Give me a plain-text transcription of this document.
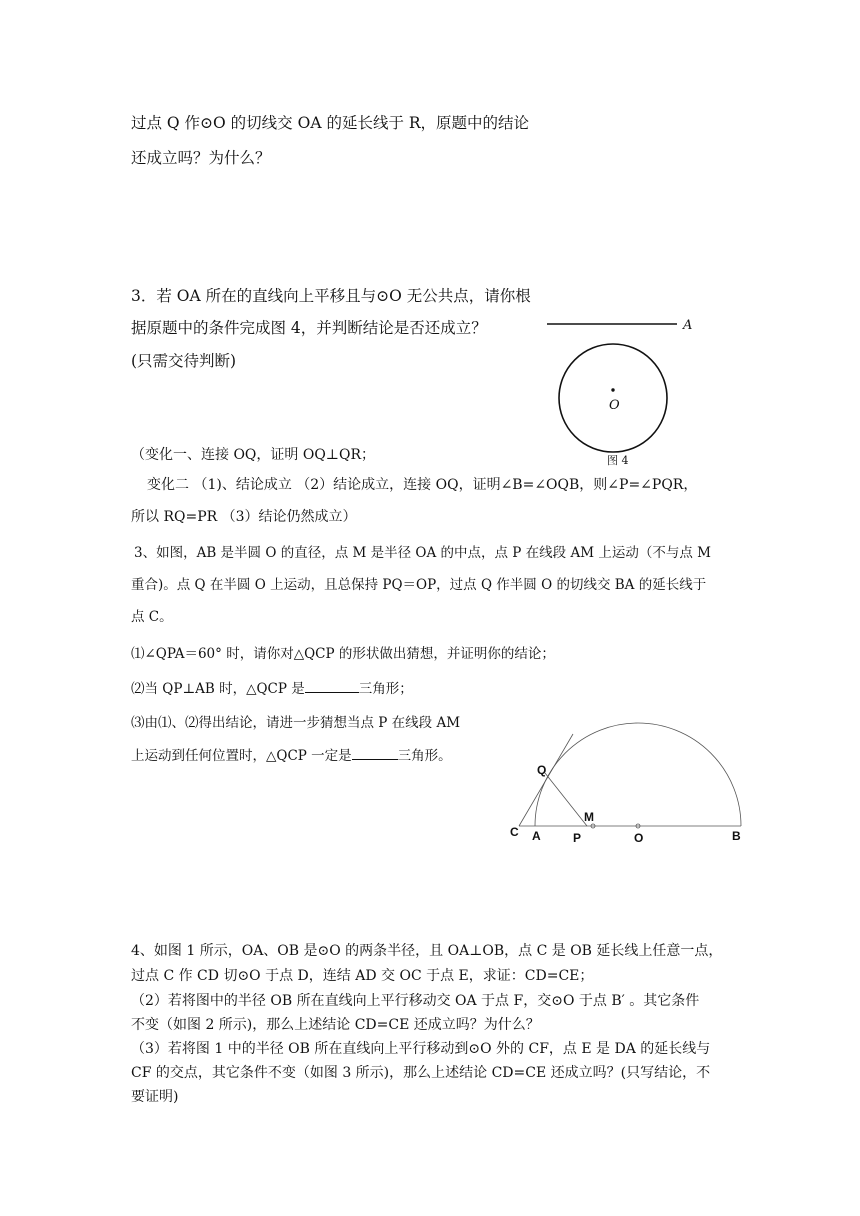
过点 Q 作⊙O 的切线交 OA 的延长线于 R，原题中的结论
还成立吗？为什么？
3．若 OA 所在的直线向上平移且与⊙O 无公共点，请你根
据原题中的条件完成图 4，并判断结论是否还成立？
(只需交待判断)
A
O
图 4
（变化一、连接 OQ，证明 OQ⊥QR；
变化二 （1)、结论成立 （2）结论成立，连接 OQ，证明∠B=∠OQB，则∠P=∠PQR，
所以 RQ=PR （3）结论仍然成立）
3、如图，AB 是半圆 O 的直径，点 M 是半径 OA 的中点，点 P 在线段 AM 上运动（不与点 M
重合)。点 Q 在半圆 O 上运动，且总保持 PQ＝OP，过点 Q 作半圆 O 的切线交 BA 的延长线于
点 C。
⑴∠QPA＝60° 时，请你对△QCP 的形状做出猜想，并证明你的结论；
⑵当 QP⊥AB 时，△QCP 是	三角形；
⑶由⑴、⑵得出结论，请进一步猜想当点 P 在线段 AM
上运动到任何位置时，△QCP 一定是	三角形。
Q
M
C A	P	O	B
4、如图 1 所示，OA、OB 是⊙O 的两条半径，且 OA⊥OB，点 C 是 OB 延长线上任意一点，
过点 C 作 CD 切⊙O 于点 D，连结 AD 交 OC 于点 E，求证：CD=CE；
（2）若将图中的半径 OB 所在直线向上平行移动交 OA 于点 F，交⊙O 于点 B′ 。其它条件
不变（如图 2 所示)，那么上述结论 CD=CE 还成立吗？为什么？
（3）若将图 1 中的半径 OB 所在直线向上平行移动到⊙O 外的 CF，点 E 是 DA 的延长线与
CF 的交点，其它条件不变（如图 3 所示)，那么上述结论 CD=CE 还成立吗？(只写结论，不
要证明)
